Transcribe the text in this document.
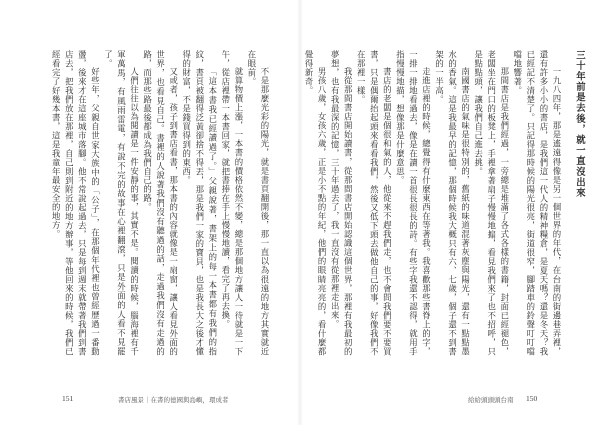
不是那麼光彩的陽光，就是書頁翻開後，那一直以為很遠的地方其實就近在眼前。

就算物價上漲，一本書的價格依然不變，總是那個地方讓人一待就是一下午，從店裡帶一本書回家，就把書捧在手上慢慢地讀，看完了再去換。

「這本書我已經讀過了。」父親說著，書架上的每一本書都有我們的指紋，書頁被翻得泛黃卻捨不得丟，那是我們一家的寶貝，也是我長大之後才懂得的財富，不是錢買得到的東西。

又或者，孩子到書店看書，那本書的內容就像是一扇窗，讓人看見外面的世界，也看見自己。書裡的人說著我們沒有聽過的話，走過我們沒有走過的路，而那些路最後都成為我們自己的路。

人們往往以為閱讀是一件安靜的事，其實不是。閱讀的時候，腦海裡有千軍萬馬，有風雨雷電，有說不完的故事在心裡翻滾，只是外面的人看不見罷了。

好些年，父親自世家大族中的「公子」，在那個年代裡也曾經歷過一番動盪，後來才在這座城市落腳。他不常說起過去，只是每到週末就帶著我們到書店去，把我們放在那裡，自己則到附近的地方辦事，等他回來的時候，我們已經看完了好幾本書，這是我童年最安全的地方。

151	書店風景｜在書的德國與島嶼，環成者
三十年前是去後，就一直沒出來

一九八四年，那是遙遠得像是另一個世界的年代，在台南的街邊巷弄裡，還有許多小小的書店，是我們這一代人的精神糧倉，是夏天嗎？還是冬天？我已經記不清楚了。只記得那時候的陽光很亮，街道很窄，腳踏車的鈴聲叮叮噹噹地響著。

那間書店是我們經過，一旁總是堆滿了各式各樣的書籍，封面已經褪色，老闆坐在門口的板凳上，手裡拿著扇子慢慢地搧，看見我們來了也不招呼，只是點點頭，讓我們自己進去挑。

南國書店的氣味是很特別的，舊紙的味道混著灰塵與陽光，還有一點點墨水的香氣。這是我最早的記憶，那個時候我大概只有六、七歲，個子還不到書架的一半高。

走進店裡的時候，總覺得有什麼東西在等著我。我喜歡那些書脊上的字，一排一排地看過去，像是在讀一首很長很長的詩。有些字我還不認得，就用手指慢慢地描，想像那是什麼意思。

書店的老闆是個很和氣的人，他從來不趕我們走，也不會問我們要不要買書，只是偶爾抬起頭來看看我們，然後又低下頭去做他自己的事，好像我們不在那裡一樣。

我從那間書店開始讀書，從那間書店開始認識這個世界，那裡有我最初的夢想，也有我最深的記憶，三十年過去了，我一直沒有從那裡走出來。

男孩八歲，女孩六歲，正是小不點的年紀，他們的眼睛亮亮的，看什麼都覺得新奇。

給給頭頭頭台南 150
